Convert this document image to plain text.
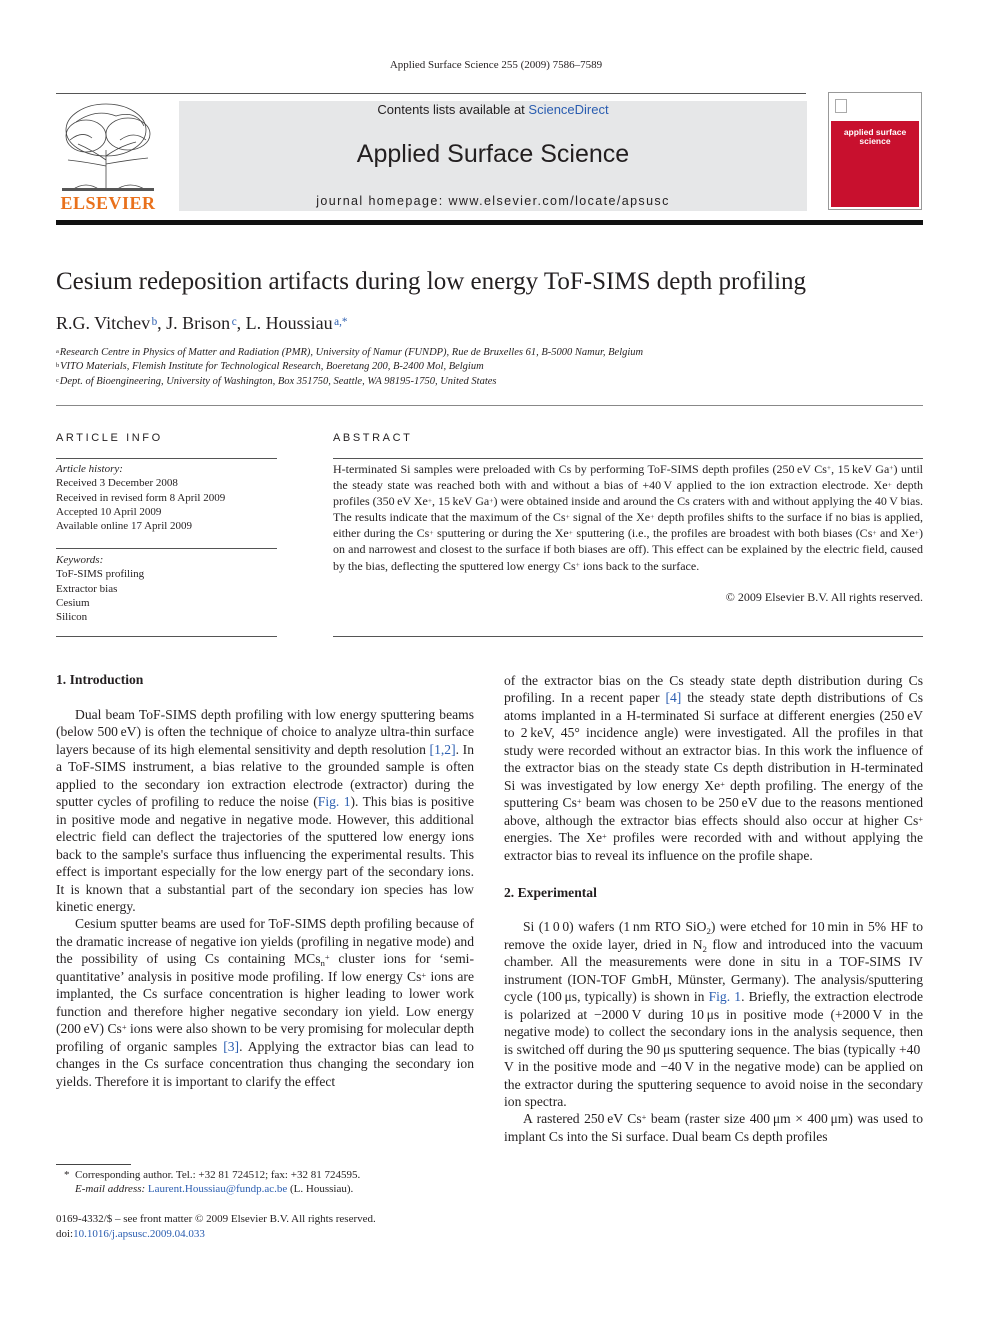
Applied Surface Science 255 (2009) 7586–7589
ELSEVIER
Contents lists available at ScienceDirect
Applied Surface Science
journal homepage: www.elsevier.com/locate/apsusc
applied surface science
Cesium redeposition artifacts during low energy ToF-SIMS depth profiling
R.G. Vitchev  $^b$, J. Brison  $^c$, L. Houssiau  $^{a,*}$
$^a$ Research Centre in Physics of Matter and Radiation (PMR), University of Namur (FUNDP), Rue de Bruxelles 61, B-5000 Namur, Belgium
$^b$ VITO Materials, Flemish Institute for Technological Research, Boeretang 200, B-2400 Mol, Belgium
$^c$ Dept. of Bioengineering, University of Washington, Box 351750, Seattle, WA 98195-1750, United States
ARTICLE INFO
Article history:
Received 3 December 2008
Received in revised form 8 April 2009
Accepted 10 April 2009
Available online 17 April 2009
Keywords:
ToF-SIMS profiling
Extractor bias
Cesium
Silicon
ABSTRACT
H-terminated Si samples were preloaded with Cs by performing ToF-SIMS depth profiles (250 eV Cs+, 15 keV Ga+) until the steady state was reached both with and without a bias of +40 V applied to the ion extraction electrode. Xe+ depth profiles (350 eV Xe+, 15 keV Ga+) were obtained inside and around the Cs craters with and without applying the 40 V bias. The results indicate that the maximum of the Cs+ signal of the Xe+ depth profiles shifts to the surface if no bias is applied, either during the Cs+ sputtering or during the Xe+ sputtering (i.e., the profiles are broadest with both biases (Cs+ and Xe+) on and narrowest and closest to the surface if both biases are off). This effect can be explained by the electric field, caused by the bias, deflecting the sputtered low energy Cs+ ions back to the surface.
© 2009 Elsevier B.V. All rights reserved.
1. Introduction

Dual beam ToF-SIMS depth profiling with low energy sputtering beams (below 500 eV) is often the technique of choice to analyze ultra-thin surface layers because of its high elemental sensitivity and depth resolution [1,2]. In a ToF-SIMS instrument, a bias relative to the grounded sample is often applied to the secondary ion extraction electrode (extractor) during the sputter cycles of profiling to reduce the noise (Fig. 1). This bias is positive in positive mode and negative in negative mode. However, this additional electric field can deflect the trajectories of the sputtered low energy ions back to the sample's surface thus influencing the experimental results. This effect is important especially for the low energy part of the secondary ions. It is known that a substantial part of the secondary ion species has low kinetic energy.

Cesium sputter beams are used for ToF-SIMS depth profiling because of the dramatic increase of negative ion yields (profiling in negative mode) and the possibility of using Cs containing MCs$_n$+ cluster ions for ‘semi-quantitative’ analysis in positive mode profiling. If low energy Cs+ ions are implanted, the Cs surface concentration is higher leading to lower work function and therefore higher negative secondary ion yield. Low energy (200 eV) Cs+ ions were also shown to be very promising for molecular depth profiling of organic samples [3]. Applying the extractor bias can lead to changes in the Cs surface concentration thus changing the secondary ion yields. Therefore it is important to clarify the effect

*  Corresponding author. Tel.: +32 81 724512; fax: +32 81 724595.
E-mail address: Laurent.Houssiau@fundp.ac.be (L. Houssiau).
0169-4332/$ – see front matter © 2009 Elsevier B.V. All rights reserved.
doi:10.1016/j.apsusc.2009.04.033

of the extractor bias on the Cs steady state depth distribution during Cs profiling. In a recent paper [4] the steady state depth distributions of Cs atoms implanted in a H-terminated Si surface at different energies (250 eV to 2 keV, 45° incidence angle) were investigated. All the profiles in that study were recorded without an extractor bias. In this work the influence of the extractor bias on the steady state Cs depth distribution in H-terminated Si was investigated by low energy Xe+ depth profiling. The energy of the sputtering Cs+ beam was chosen to be 250 eV due to the reasons mentioned above, although the extractor bias effects should also occur at higher Cs+ energies. The Xe+ profiles were recorded with and without applying the extractor bias to reveal its influence on the profile shape.

2. Experimental

Si (1 0 0) wafers (1 nm RTO SiO$_2$) were etched for 10 min in 5% HF to remove the oxide layer, dried in $N_2$ flow and introduced into the vacuum chamber. All the measurements were done in situ in a TOF-SIMS IV instrument (ION-TOF GmbH, Münster, Germany). The analysis/sputtering cycle (100 μs, typically) is shown in Fig. 1. Briefly, the extraction electrode is polarized at −2000 V during 10 μs in positive mode (+2000 V in the negative mode) to collect the secondary ions in the analysis sequence, then is switched off during the 90 μs sputtering sequence. The bias (typically +40 V in the positive mode and −40 V in the negative mode) can be applied on the extractor during the sputtering sequence to avoid noise in the secondary ion spectra.

A rastered 250 eV Cs+ beam (raster size 400 μm × 400 μm) was used to implant Cs into the Si surface. Dual beam Cs depth profiles
